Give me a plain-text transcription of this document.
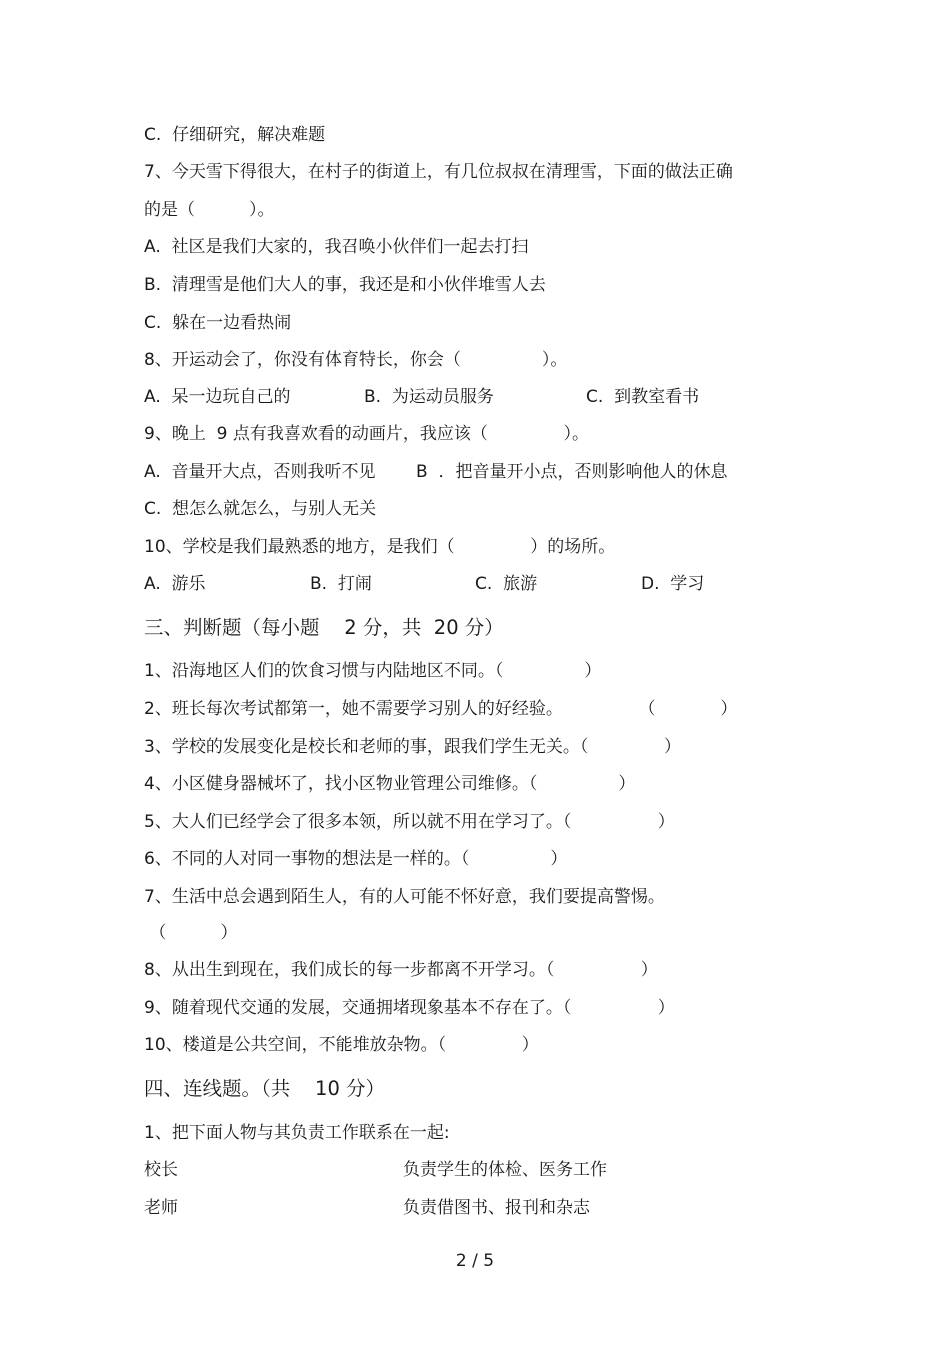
C.  仔细研究，解决难题
7、今天雪下得很大，在村子的街道上，有几位叔叔在清理雪，下面的做法正确
的是（          ）。
A.  社区是我们大家的，我召唤小伙伴们一起去打扫
B.  清理雪是他们大人的事，我还是和小伙伴堆雪人去
C.  躲在一边看热闹
8、开运动会了，你没有体育特长，你会（               ）。
A.  呆一边玩自己的	B.  为运动员服务	C.  到教室看书
9、晚上  9 点有我喜欢看的动画片，我应该（              ）。
A.  音量开大点，否则我听不见 B  ．把音量开小点，否则影响他人的休息
C.  想怎么就怎么，与别人无关
10、学校是我们最熟悉的地方，是我们（              ）的场所。
A.  游乐	B.  打闹	C.  旅游	D.  学习
三、判断题（每小题    2 分，共  20 分）
1、沿海地区人们的饮食习惯与内陆地区不同。（               ）
2、班长每次考试都第一，她不需要学习别人的好经验。              （            ）
3、学校的发展变化是校长和老师的事，跟我们学生无关。（              ）
4、小区健身器械坏了，找小区物业管理公司维修。（               ）
5、大人们已经学会了很多本领，所以就不用在学习了。（                ）
6、不同的人对同一事物的想法是一样的。（               ）
7、生活中总会遇到陌生人，有的人可能不怀好意，我们要提高警惕。
（          ）
8、从出生到现在，我们成长的每一步都离不开学习。（                ）
9、随着现代交通的发展，交通拥堵现象基本不存在了。（                ）
10、楼道是公共空间，不能堆放杂物。（              ）
四、连线题。（共    10 分）
1、把下面人物与其负责工作联系在一起:
校长	负责学生的体检、医务工作
老师	负责借图书、报刊和杂志
2 / 5
